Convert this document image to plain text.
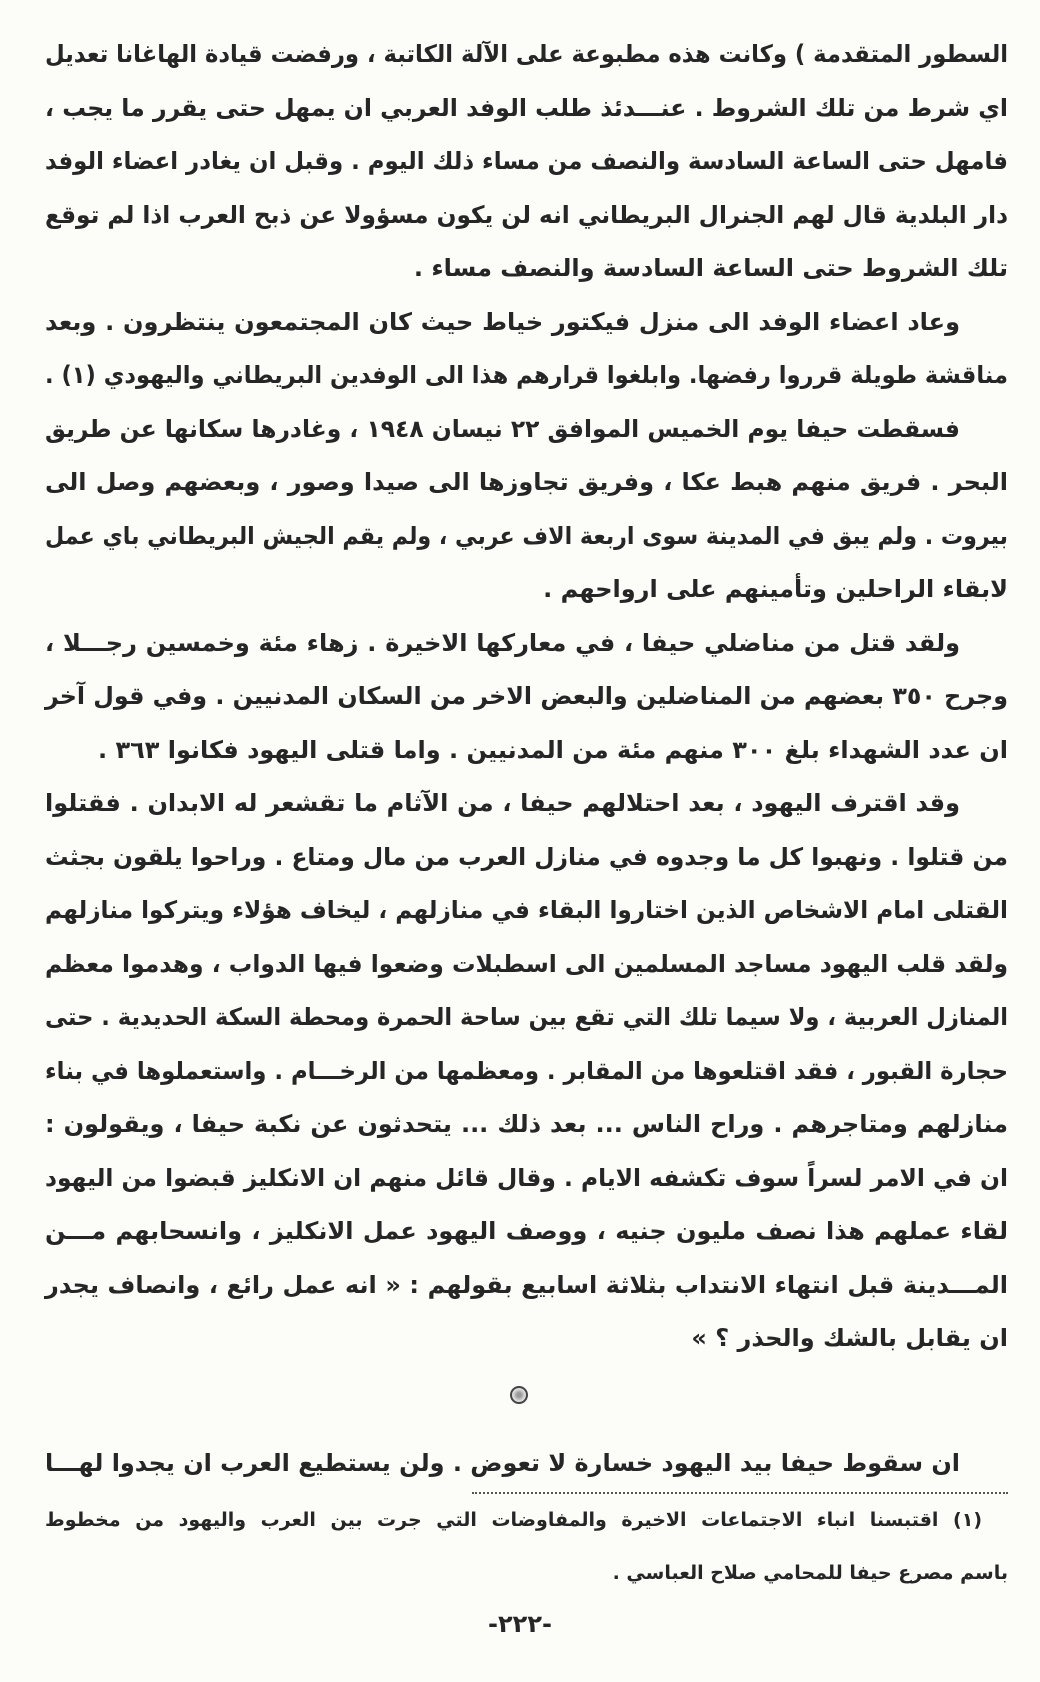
السطور المتقدمة ) وكانت هذه مطبوعة على الآلة الكاتبة ، ورفضت قيادة الهاغانا تعديل
اي شرط من تلك الشروط . عنـــدئذ طلب الوفد العربي ان يمهل حتى يقرر ما يجب ،
فامهل حتى الساعة السادسة والنصف من مساء ذلك اليوم . وقبل ان يغادر اعضاء الوفد
دار البلدية قال لهم الجنرال البريطاني انه لن يكون مسؤولا عن ذبح العرب اذا لم توقع
تلك الشروط حتى الساعة السادسة والنصف مساء .
وعاد اعضاء الوفد الى منزل فيكتور خياط حيث كان المجتمعون ينتظرون . وبعد
مناقشة طويلة قرروا رفضها. وابلغوا قرارهم هذا الى الوفدين البريطاني واليهودي (١) .
فسقطت حيفا يوم الخميس الموافق ٢٢ نيسان ١٩٤٨ ، وغادرها سكانها عن طريق
البحر . فريق منهم هبط عكا ، وفريق تجاوزها الى صيدا وصور ، وبعضهم وصل الى
بيروت . ولم يبق في المدينة سوى اربعة الاف عربي ، ولم يقم الجيش البريطاني باي عمل
لابقاء الراحلين وتأمينهم على ارواحهم .
ولقد قتل من مناضلي حيفا ، في معاركها الاخيرة . زهاء مئة وخمسين رجـــلا ،
وجرح ٣٥٠ بعضهم من المناضلين والبعض الاخر من السكان المدنيين . وفي قول آخر
ان عدد الشهداء بلغ ٣٠٠ منهم مئة من المدنيين . واما قتلى اليهود فكانوا ٣٦٣ .
وقد اقترف اليهود ، بعد احتلالهم حيفا ، من الآثام ما تقشعر له الابدان . فقتلوا
من قتلوا . ونهبوا كل ما وجدوه في منازل العرب من مال ومتاع . وراحوا يلقون بجثث
القتلى امام الاشخاص الذين اختاروا البقاء في منازلهم ، ليخاف هؤلاء ويتركوا منازلهم
ولقد قلب اليهود مساجد المسلمين الى اسطبلات وضعوا فيها الدواب ، وهدموا معظم
المنازل العربية ، ولا سيما تلك التي تقع بين ساحة الحمرة ومحطة السكة الحديدية . حتى
حجارة القبور ، فقد اقتلعوها من المقابر . ومعظمها من الرخـــام . واستعملوها في بناء
منازلهم ومتاجرهم . وراح الناس ... بعد ذلك ... يتحدثون عن نكبة حيفا ، ويقولون :
ان في الامر لسراً سوف تكشفه الايام . وقال قائل منهم ان الانكليز قبضوا من اليهود
لقاء عملهم هذا نصف مليون جنيه ، ووصف اليهود عمل الانكليز ، وانسحابهم مـــن
المـــدينة قبل انتهاء الانتداب بثلاثة اسابيع بقولهم : « انه عمل رائع ، وانصاف يجدر
ان يقابل بالشك والحذر ؟ »
ان سقوط حيفا بيد اليهود خسارة لا تعوض . ولن يستطيع العرب ان يجدوا لهـــا
(١) اقتبسنا انباء الاجتماعات الاخيرة والمفاوضات التي جرت بين العرب واليهود من مخطوط
باسم مصرع حيفا للمحامي صلاح العباسي .
-٢٢٢-
